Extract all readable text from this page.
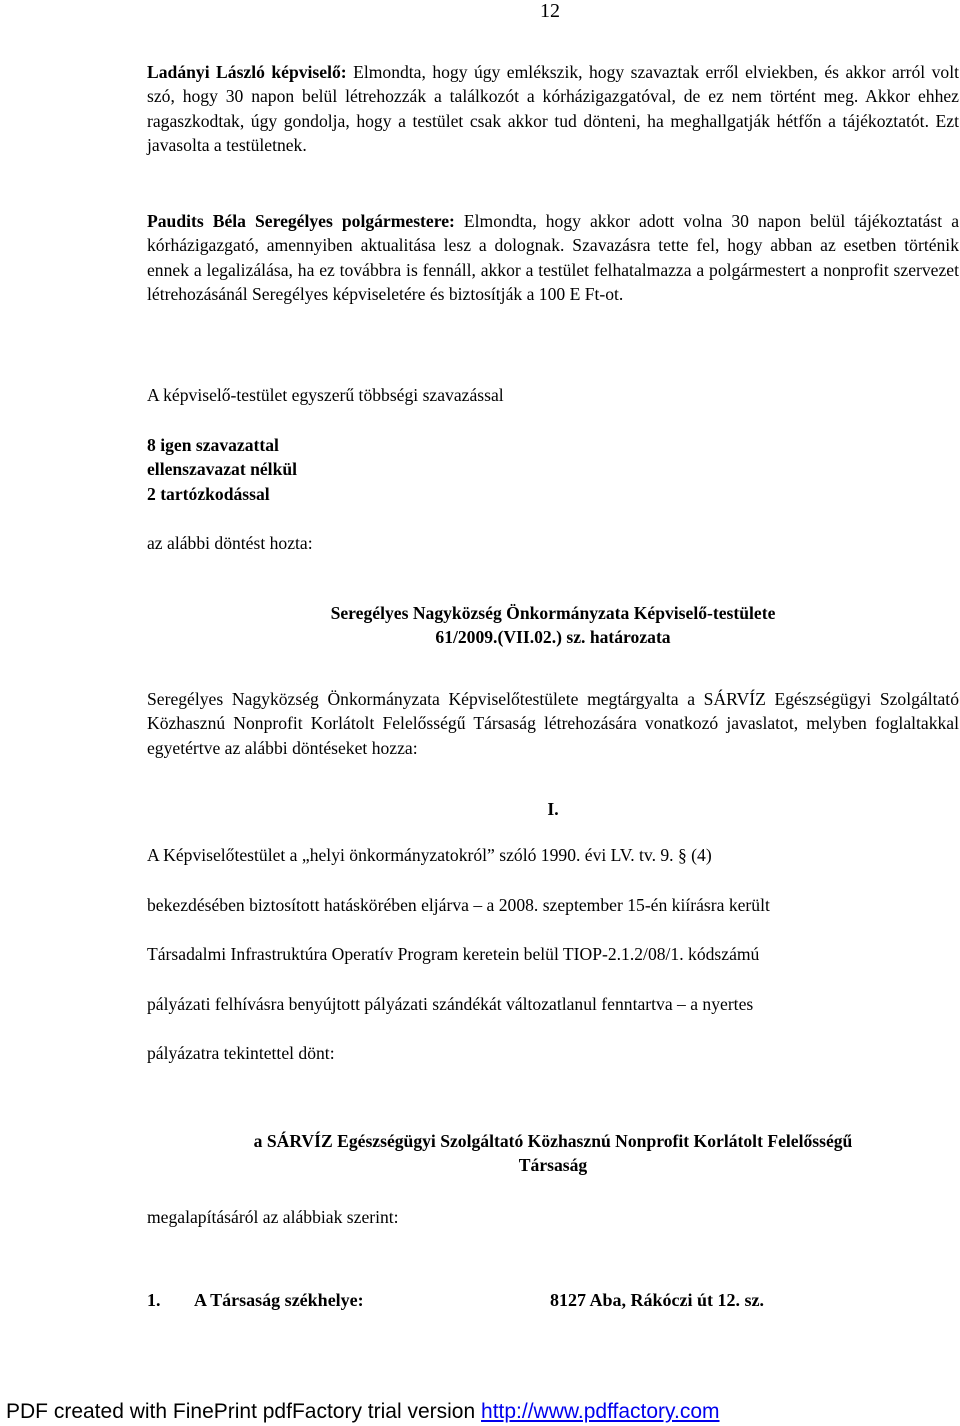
12

Ladányi László képviselő: Elmondta, hogy úgy emlékszik, hogy szavaztak erről elviekben, és akkor arról volt szó, hogy 30 napon belül létrehozzák a találkozót a kórházigazgatóval, de ez nem történt meg. Akkor ehhez ragaszkodtak, úgy gondolja, hogy a testület csak akkor tud dönteni, ha meghallgatják hétfőn a tájékoztatót. Ezt javasolta a testületnek.

Paudits Béla Seregélyes polgármestere: Elmondta, hogy akkor adott volna 30 napon belül tájékoztatást a kórházigazgató, amennyiben aktualitása lesz a dolognak. Szavazásra tette fel, hogy abban az esetben történik ennek a legalizálása, ha ez továbbra is fennáll, akkor a testület felhatalmazza a polgármestert a nonprofit szervezet létrehozásánál Seregélyes képviseletére és biztosítják a 100 E Ft-ot.

A képviselő-testület egyszerű többségi szavazással

8 igen szavazattal

ellenszavazat nélkül

2 tartózkodással

az alábbi döntést hozta:

Seregélyes Nagyközség Önkormányzata Képviselő-testülete

61/2009.(VII.02.) sz. határozata

Seregélyes Nagyközség Önkormányzata Képviselőtestülete megtárgyalta a SÁRVÍZ Egészségügyi Szolgáltató Közhasznú Nonprofit Korlátolt Felelősségű Társaság létrehozására vonatkozó javaslatot, melyben foglaltakkal egyetértve az alábbi döntéseket hozza:
I.

A Képviselőtestület a „helyi önkormányzatokról” szóló 1990. évi LV. tv. 9. § (4)

bekezdésében biztosított hatáskörében eljárva – a 2008. szeptember 15-én kiírásra került

Társadalmi Infrastruktúra Operatív Program keretein belül TIOP-2.1.2/08/1. kódszámú

pályázati felhívásra benyújtott pályázati szándékát változatlanul fenntartva – a nyertes

pályázatra tekintettel dönt:

a SÁRVÍZ Egészségügyi Szolgáltató Közhasznú Nonprofit Korlátolt Felelősségű

Társaság

megalapításáról az alábbiak szerint:
1. A Társaság székhelye:	8127 Aba, Rákóczi út 12. sz.
PDF created with FinePrint pdfFactory trial version http://www.pdffactory.com
